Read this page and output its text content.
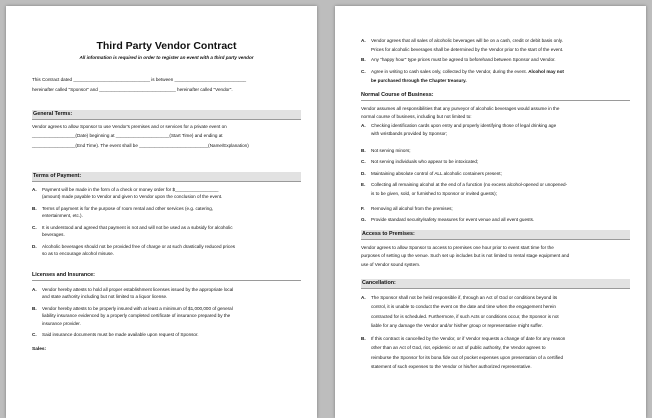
Third Party Vendor Contract
All information is required in order to register an event with a third party vendor
This Contract dated ______________________________ is between ____________________________
hereinafter called "Sponsor" and ______________________________ hereinafter called "Vendor".
General Terms:
Vendor agrees to allow Sponsor to use Vendor's premises and or services for a private event on
_________________(Date) beginning at _____________________(Start Time) and ending at
_________________(End Time). The event shall be ___________________________(Name/Explanation)
Terms of Payment:
A. Payment will be made in the form of a check or money order for $_________________
(amount) made payable to Vendor and given to Vendor upon the conclusion of the event.
B. Terms of payment is for the purpose of room rental and other services (e.g. catering,
entertainment, etc.).
C. It is understood and agreed that payment is not and will not be used as a subsidy for alcoholic
beverages.
D. Alcoholic beverages should not be provided free of charge or at such drastically reduced prices
so as to encourage alcohol misuse.
Licenses and Insurance:
A. Vendor hereby attests to hold all proper establishment licenses issued by the appropriate local
and state authority including but not limited to a liquor license.
B. Vendor hereby attests to be properly insured with at least a minimum of $1,000,000 of general
liability insurance evidenced by a properly completed certificate of insurance prepared by the
insurance provider.
C. Said insurance documents must be made available upon request of Sponsor.
Sales:
A. Vendor agrees that all sales of alcoholic beverages will be on a cash, credit or debit basis only.
Prices for alcoholic beverages shall be determined by the Vendor prior to the start of the event.
B. Any "happy hour" type prices must be agreed to beforehand between Sponsor and Vendor.
C. Agree in writing to cash sales only, collected by the Vendor, during the event. Alcohol may not
be purchased through the Chapter treasury.
Normal Course of Business:
Vendor assumes all responsibilities that any purveyor of alcoholic beverages would assume in the
normal course of business, including but not limited to:
A. Checking identification cards upon entry and properly identifying those of legal drinking age
with wristbands provided by Sponsor;
B. Not serving minors;
C. Not serving individuals who appear to be intoxicated;
D. Maintaining absolute control of ALL alcoholic containers present;
E. Collecting all remaining alcohol at the end of a function (no excess alcohol-opened or unopened-
is to be given, sold, or furnished to Sponsor or invited guests);
F. Removing all alcohol from the premises;
G. Provide standard security/safety measures for event venue and all event guests.
Access to Premises:
Vendor agrees to allow Sponsor to access to premises one hour prior to event start time for the
purposes of setting up the venue. Such set up includes but is not limited to rental stage equipment and
use of Vendor sound system.
Cancellation:
A. The Sponsor shall not be held responsible if, through an Act of God or conditions beyond its
control, it is unable to conduct the event on the date and time when the engagement herein
contracted for is scheduled. Furthermore, if such Acts or conditions occur, the Sponsor is not
liable for any damage the Vendor and/or his/her group or representative might suffer.
B. If this contract is cancelled by the Vendor, or if Vendor requests a change of date for any reason
other than an Act of God, riot, epidemic or act of public authority, the Vendor agrees to
reimburse the Sponsor for its bona fide out of pocket expenses upon presentation of a certified
statement of such expenses to the Vendor or his/her authorized representative.
